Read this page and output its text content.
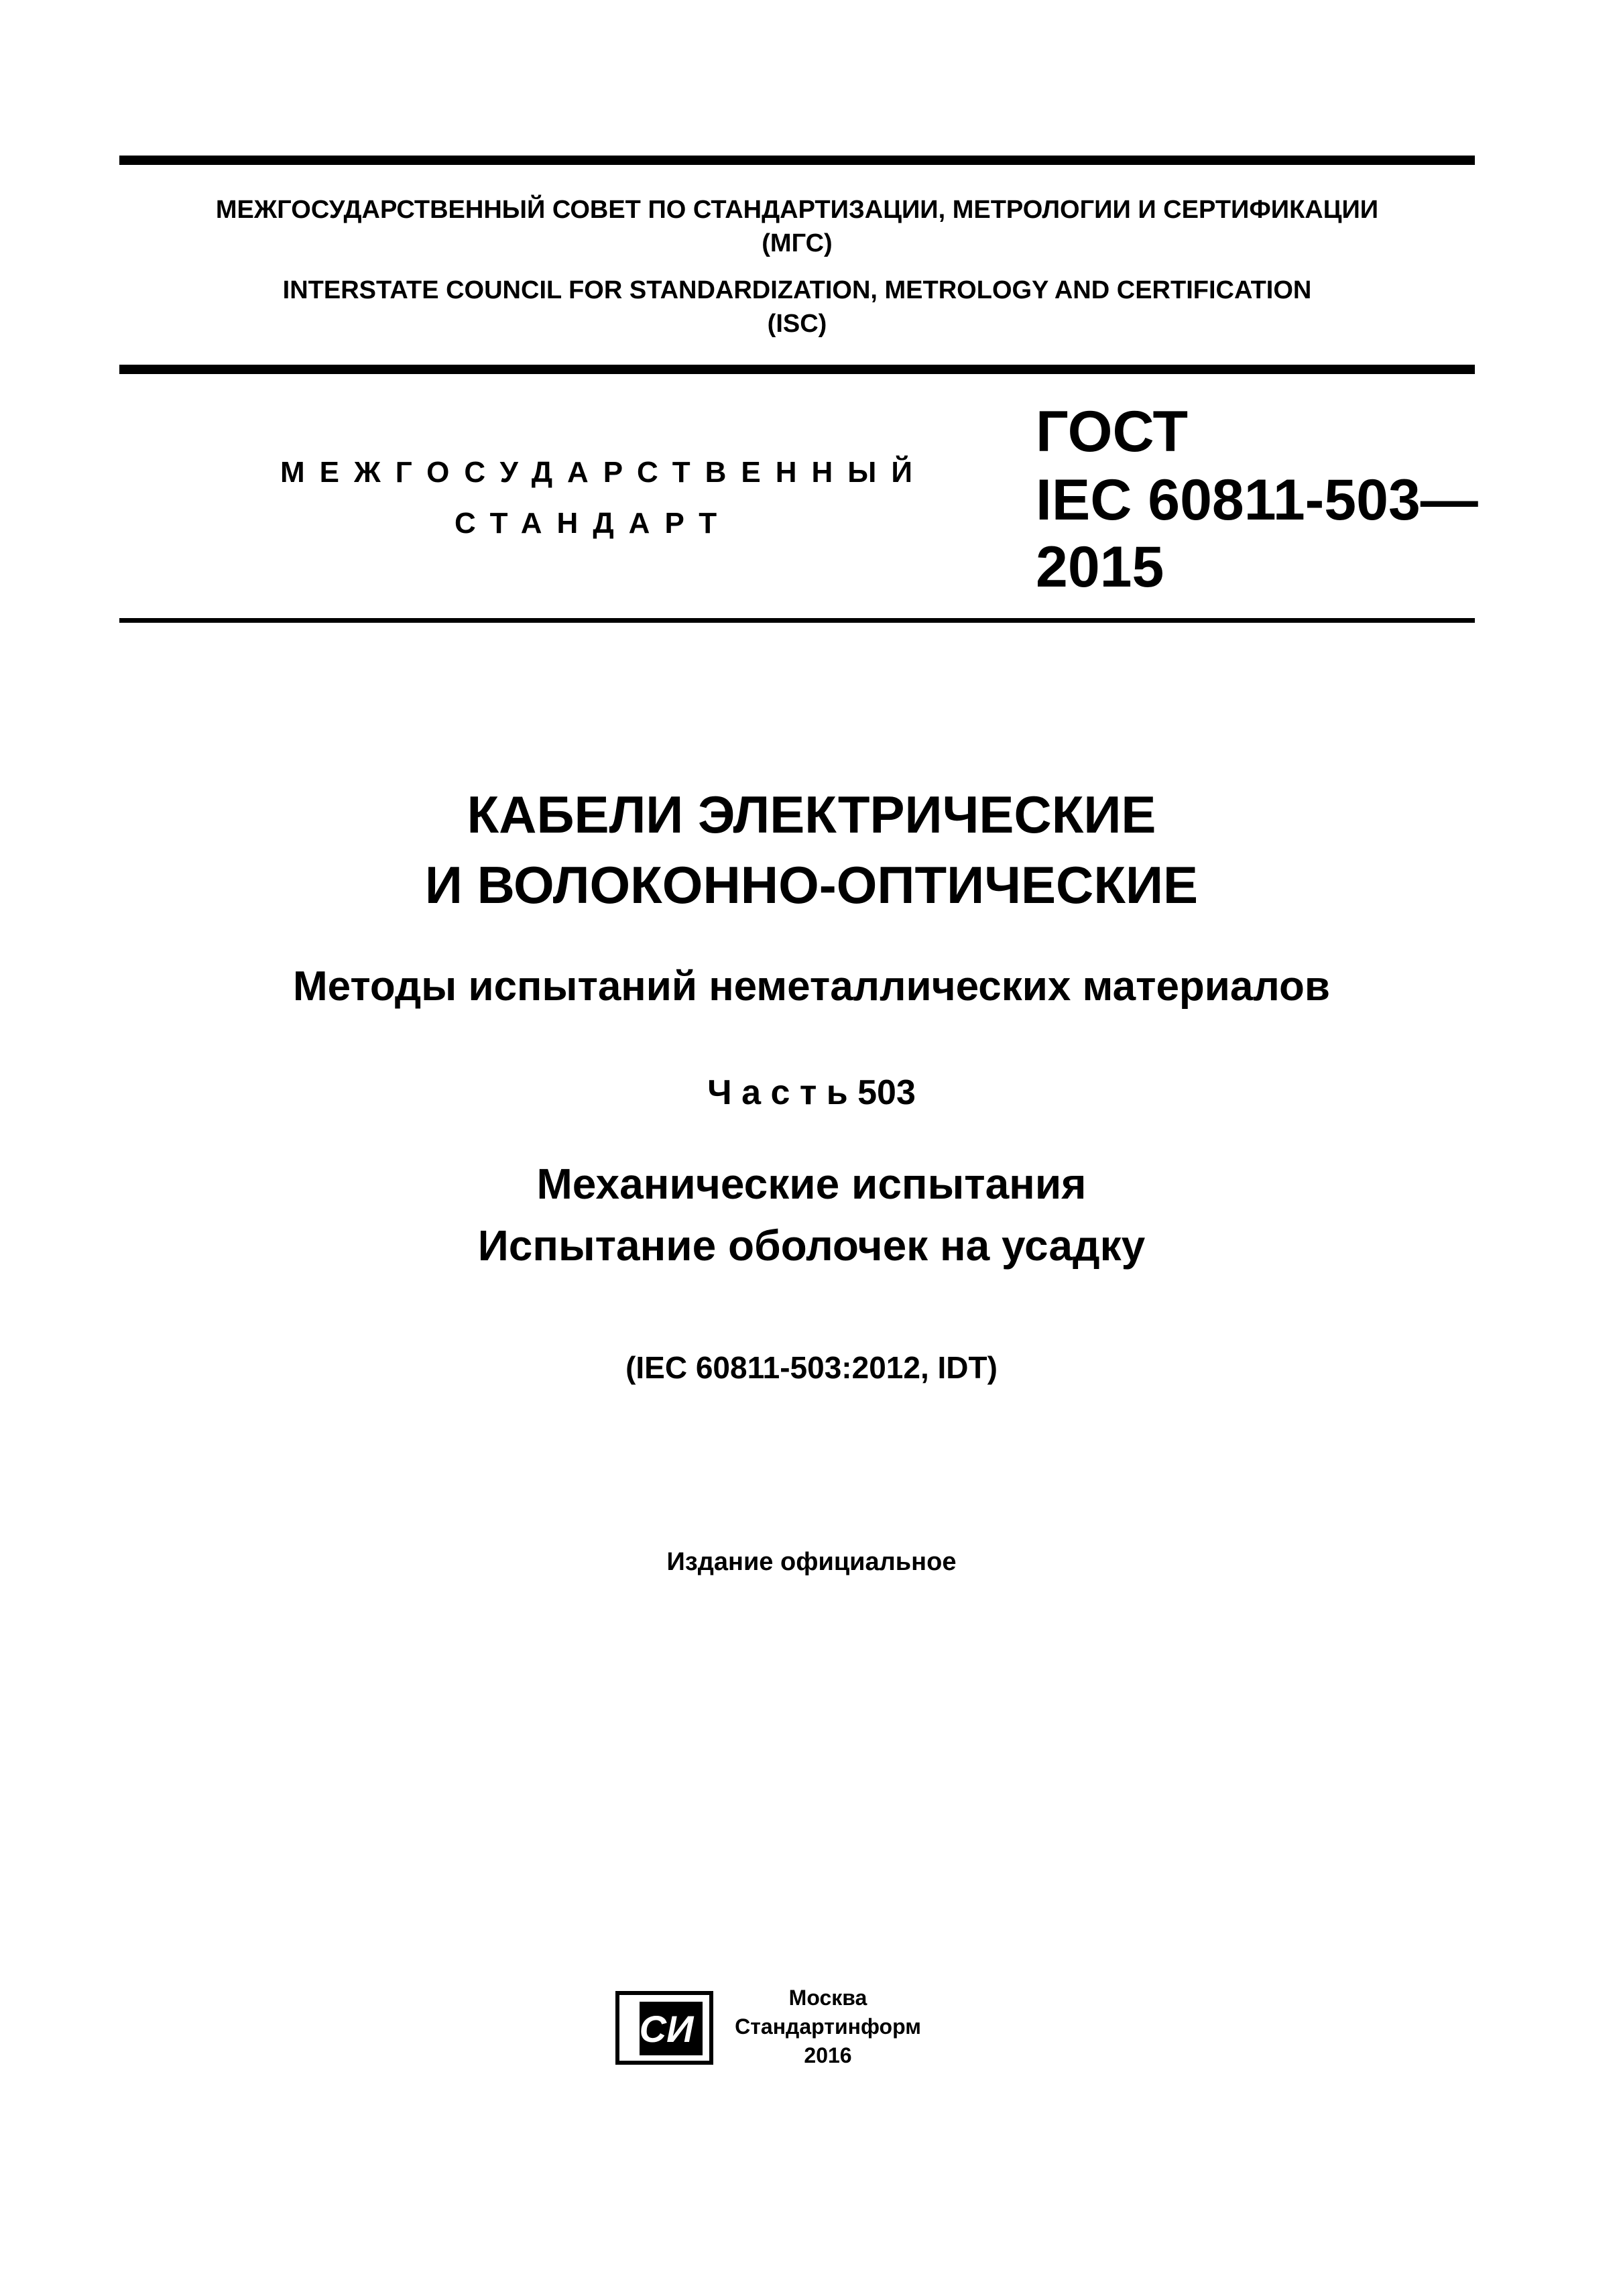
МЕЖГОСУДАРСТВЕННЫЙ СОВЕТ ПО СТАНДАРТИЗАЦИИ, МЕТРОЛОГИИ И СЕРТИФИКАЦИИ
(МГС)
INTERSTATE COUNCIL FOR STANDARDIZATION, METROLOGY AND CERTIFICATION
(ISC)
МЕЖГОСУДАРСТВЕННЫЙ
СТАНДАРТ
ГОСТ
IEC 60811-503—
2015
КАБЕЛИ ЭЛЕКТРИЧЕСКИЕ
И ВОЛОКОННО-ОПТИЧЕСКИЕ
Методы испытаний неметаллических материалов
Ч а с т ь 503
Механические испытания
Испытание оболочек на усадку
(IEC 60811-503:2012, IDT)
Издание официальное
СИ
Москва
Стандартинформ
2016
